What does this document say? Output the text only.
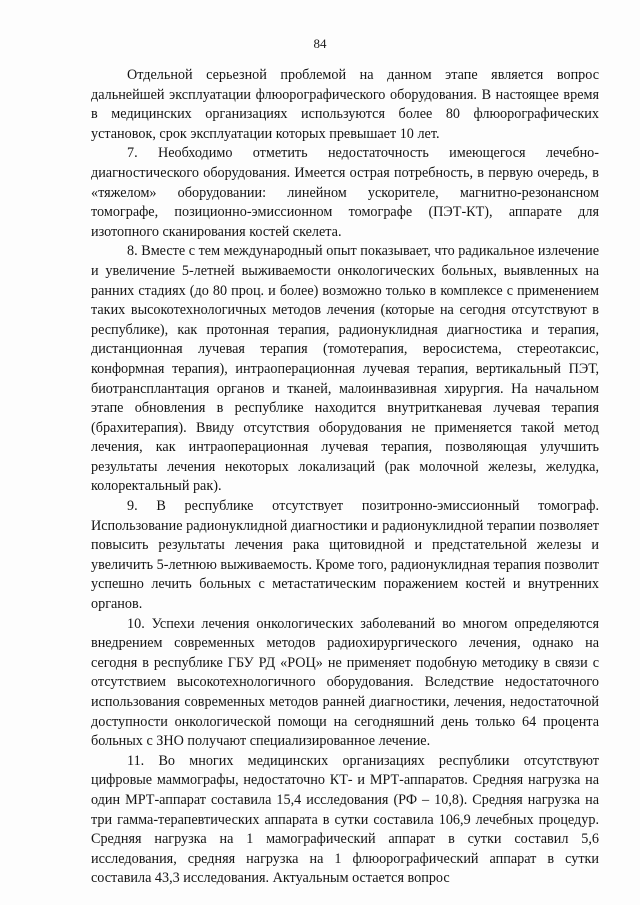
84

Отдельной серьезной проблемой на данном этапе является вопрос дальнейшей эксплуатации флюорографического оборудования. В настоящее время в медицинских организациях используются более 80 флюорографических установок, срок эксплуатации которых превышает 10 лет.

7. Необходимо отметить недостаточность имеющегося лечебно-диагностического оборудования. Имеется острая потребность, в первую очередь, в «тяжелом» оборудовании: линейном ускорителе, магнитно-резонансном томографе, позиционно-эмиссионном томографе (ПЭТ-КТ), аппарате для изотопного сканирования костей скелета.

8. Вместе с тем международный опыт показывает, что радикальное излечение и увеличение 5-летней выживаемости онкологических больных, выявленных на ранних стадиях (до 80 проц. и более) возможно только в комплексе с применением таких высокотехнологичных методов лечения (которые на сегодня отсутствуют в республике), как протонная терапия, радионуклидная диагностика и терапия, дистанционная лучевая терапия (томотерапия, веросистема, стереотаксис, конформная терапия), интраоперационная лучевая терапия, вертикальный ПЭТ, биотрансплантация органов и тканей, малоинвазивная хирургия. На начальном этапе обновления в республике находится внутритканевая лучевая терапия (брахитерапия). Ввиду отсутствия оборудования не применяется такой метод лечения, как интраоперационная лучевая терапия, позволяющая улучшить результаты лечения некоторых локализаций (рак молочной железы, желудка, колоректальный рак).

9. В республике отсутствует позитронно-эмиссионный томограф. Использование радионуклидной диагностики и радионуклидной терапии позволяет повысить результаты лечения рака щитовидной и предстательной железы и увеличить 5-летнюю выживаемость. Кроме того, радионуклидная терапия позволит успешно лечить больных с метастатическим поражением костей и внутренних органов.

10. Успехи лечения онкологических заболеваний во многом определяются внедрением современных методов радиохирургического лечения, однако на сегодня в республике ГБУ РД «РОЦ» не применяет подобную методику в связи с отсутствием высокотехнологичного оборудования. Вследствие недостаточного использования современных методов ранней диагностики, лечения, недостаточной доступности онкологической помощи на сегодняшний день только 64 процента больных с ЗНО получают специализированное лечение.

11. Во многих медицинских организациях республики отсутствуют цифровые маммографы, недостаточно КТ- и МРТ-аппаратов. Средняя нагрузка на один МРТ-аппарат составила 15,4 исследования (РФ – 10,8). Средняя нагрузка на три гамма-терапевтических аппарата в сутки составила 106,9 лечебных процедур. Средняя нагрузка на 1 мамографический аппарат в сутки составил 5,6 исследования, средняя нагрузка на 1 флюорографический аппарат в сутки составила 43,3 исследования. Актуальным остается вопрос
